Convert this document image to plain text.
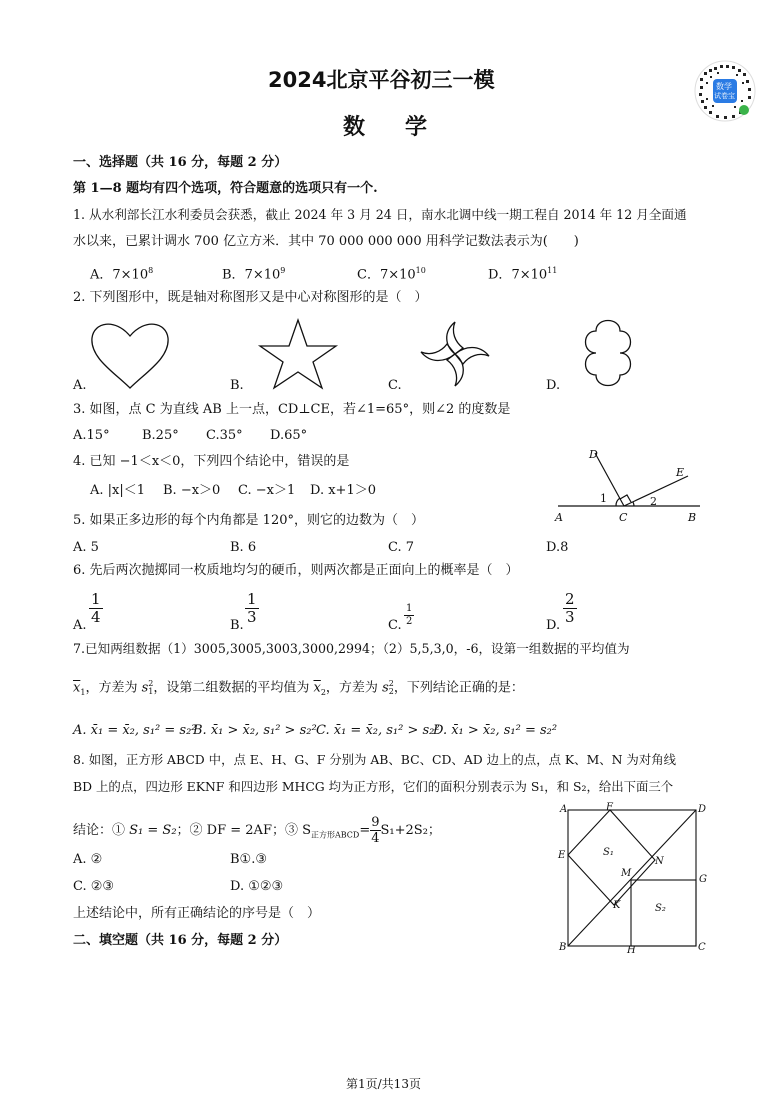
2024北京平谷初三一模
数学
数学
试卷宝
一、选择题（共 16 分，每题 2 分）
第 1—8 题均有四个选项，符合题意的选项只有一个.
1. 从水利部长江水利委员会获悉，截止 2024 年 3 月 24 日，南水北调中线一期工程自 2014 年 12 月全面通
水以来，已累计调水 700 亿立方米．其中 70 000 000 000 用科学记数法表示为(　　)
A．$7\times 10^8$	B．$7\times 10^9$	C．$7\times 10^{10}$	D．$7\times 10^{11}$
2. 下列图形中，既是轴对称图形又是中心对称图形的是（　）
A.	B.	C.	D.
3. 如图，点 C 为直线 AB 上一点，CD⊥CE，若∠1=65°，则∠2 的度数是
A.15° B.25° C.35° D.65°
D
E
A	C	B
1	2
4. 已知 −1＜x＜0，下列四个结论中，错误的是
A. |x|＜1 B. −x＞0 C. −x＞1 D. x+1＞0
5. 如果正多边形的每个内角都是 120°，则它的边数为（　）
A. 5	B. 6	C. 7	D.8
6. 先后两次抛掷同一枚质地均匀的硬币，则两次都是正面向上的概率是（　）
A. $\frac{1}{4}$	B. $\frac{1}{3}$	C. $\frac{1}{2}$	D. $\frac{2}{3}$
7.已知两组数据（1）3005,3005,3003,3000,2994；（2）5,5,3,0，-6，设第一组数据的平均值为
$\overline{x}_1$，方差为 s 2
1 ，设第二组数据的平均值为 $\overline{x}_2$，方差为 s 2
2 ，下列结论正确的是：
A. x̄₁ = x̄₂, s₁² = s₂²
B. x̄₁ > x̄₂, s₁² > s₂² C. x̄₁ = x̄₂, s₁² > s₂²
D. x̄₁ > x̄₂, s₁² = s₂²
8. 如图，正方形 ABCD 中，点 E、H、G、F 分别为 AB、BC、CD、AD 边上的点，点 K、M、N 为对角线
BD 上的点，四边形 EKNF 和四边形 MHCG 均为正方形，它们的面积分别表示为 S₁，和 S₂，给出下面三个
结论：① S₁ = S₂；② DF = 2AF；③ $S_{正方形ABCD}= \frac{9}{4} S_1+2S_2$；
A. ②	B①.③
C. ②③	D. ①②③
上述结论中，所有正确结论的序号是（　）
A	F	D
E	S₁
N
M
G
K	S₂
B	H	C
二、填空题（共 16 分，每题 2 分）
第1页/共13页
